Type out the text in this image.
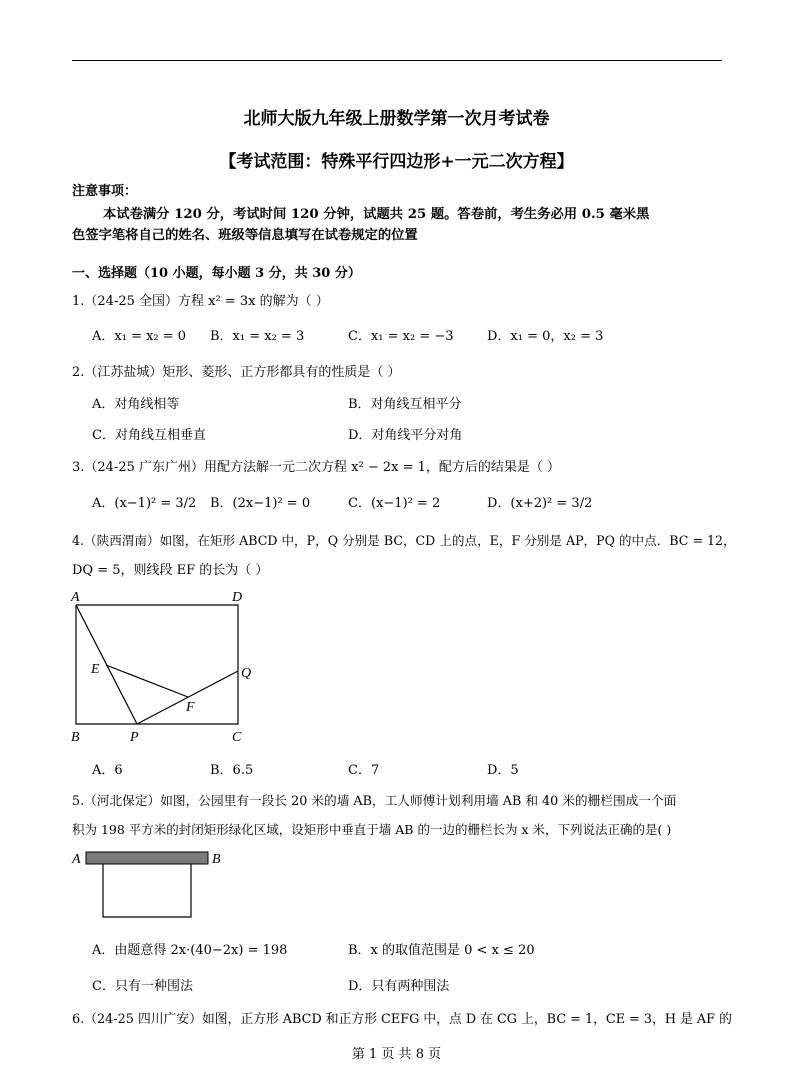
北师大版九年级上册数学第一次月考试卷
【考试范围：特殊平行四边形+一元二次方程】
注意事项：
本试卷满分 120 分，考试时间 120 分钟，试题共 25 题。答卷前，考生务必用 0.5 毫米黑
色签字笔将自己的姓名、班级等信息填写在试卷规定的位置
一、选择题（10 小题，每小题 3 分，共 30 分）
1.（24-25 全国）方程 x² = 3x 的解为（ ）
A．x₁ = x₂ = 0 B．x₁ = x₂ = 3	C．x₁ = x₂ = −3	D．x₁ = 0，x₂ = 3
2.（江苏盐城）矩形、菱形、正方形都具有的性质是（ ）
A．对角线相等	B．对角线互相平分
C．对角线互相垂直	D．对角线平分对角
3.（24-25 广东广州）用配方法解一元二次方程 x² − 2x = 1，配方后的结果是（ ）
A．(x−1)² = 3/2 B．(2x−1)² = 0	C．(x−1)² = 2	D．(x+2)² = 3/2
4.（陕西渭南）如图，在矩形 ABCD 中，P，Q 分别是 BC，CD 上的点，E，F 分别是 AP，PQ 的中点．BC = 12，
DQ = 5，则线段 EF 的长为（ ）
A	D
E	Q
F
B	P	C
A．6	B．6.5	C．7	D．5
5.（河北保定）如图，公园里有一段长 20 米的墙 AB，工人师傅计划利用墙 AB 和 40 米的栅栏围成一个面
积为 198 平方米的封闭矩形绿化区域，设矩形中垂直于墙 AB 的一边的栅栏长为 x 米，下列说法正确的是( )
A	B
A．由题意得 2x·(40−2x) = 198	B．x 的取值范围是 0 < x ≤ 20
C．只有一种围法	D．只有两种围法
6.（24-25 四川广安）如图，正方形 ABCD 和正方形 CEFG 中，点 D 在 CG 上，BC = 1，CE = 3，H 是 AF 的
第 1 页 共 8 页
